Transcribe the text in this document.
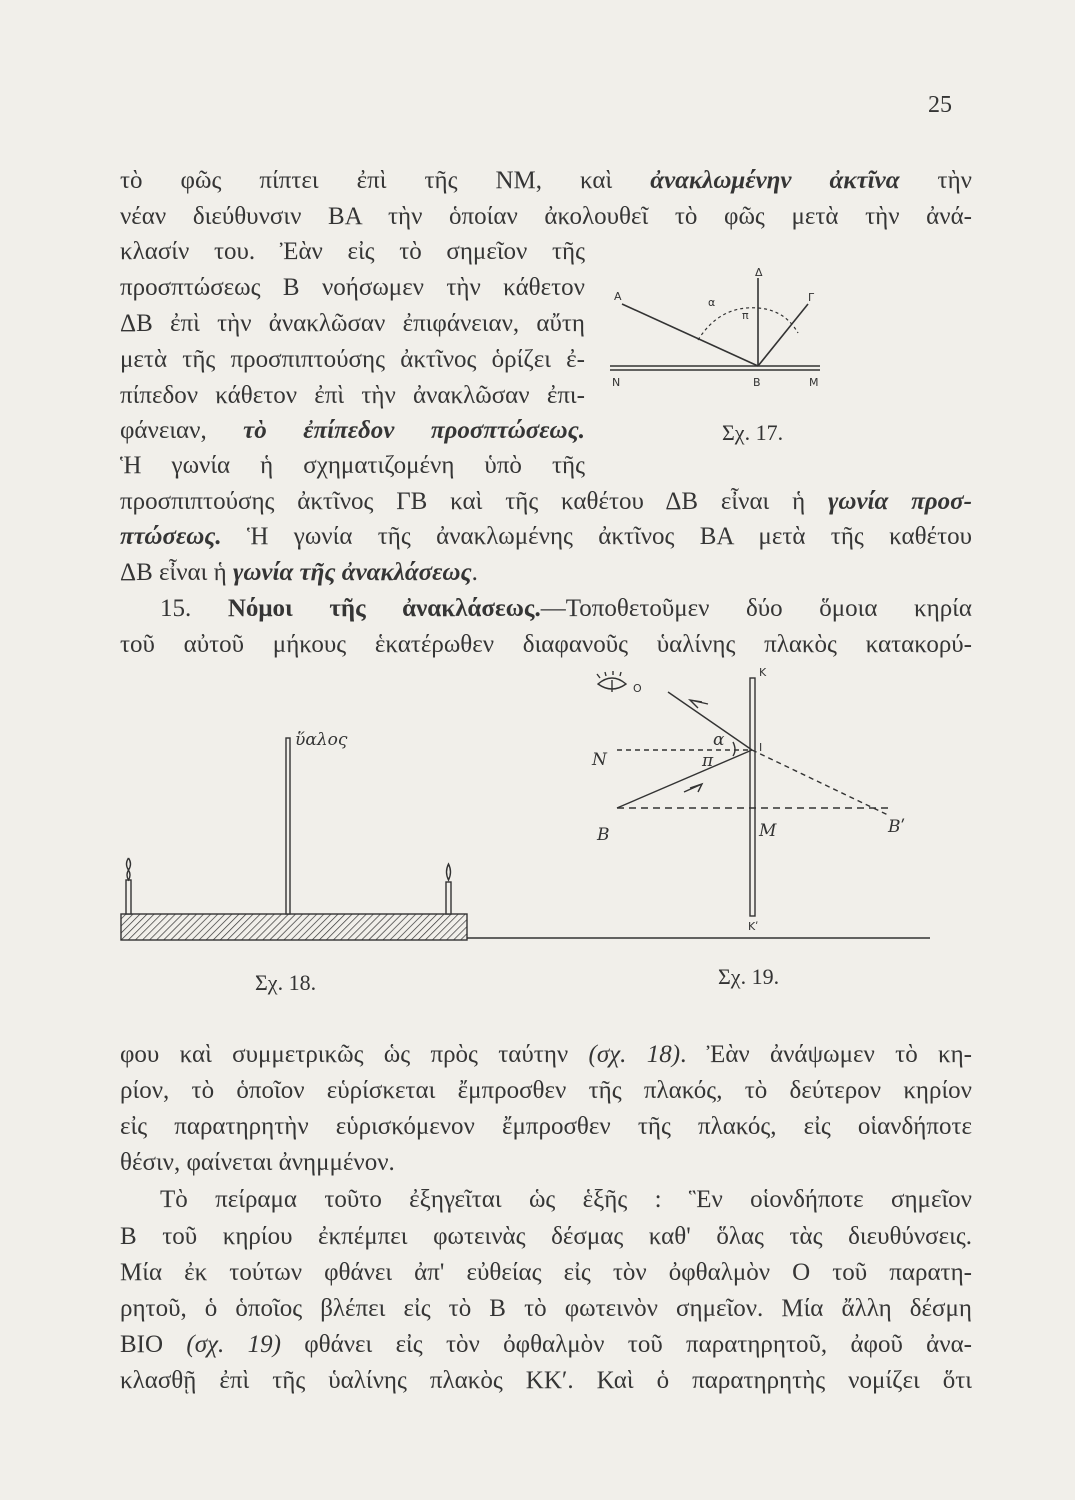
25
τὸ φῶς πίπτει ἐπὶ τῆς ΝΜ, καὶ ἀνακλωμένην ἀκτῖνα τὴν
νέαν διεύθυνσιν ΒΑ τὴν ὁποίαν ἀκολουθεῖ τὸ φῶς μετὰ τὴν ἀνά-
κλασίν του. Ἐὰν εἰς τὸ σημεῖον τῆς
προσπτώσεως Β νοήσωμεν τὴν κάθετον
ΔΒ ἐπὶ τὴν ἀνακλῶσαν ἐπιφάνειαν, αὔτη
μετὰ τῆς προσπιπτούσης ἀκτῖνος ὁρίζει ἐ-
πίπεδον κάθετον ἐπὶ τὴν ἀνακλῶσαν ἐπι-
φάνειαν, τὸ ἐπίπεδον προσπτώσεως.
Ἡ γωνία ἡ σχηματιζομένη ὑπὸ τῆς
προσπιπτούσης ἀκτῖνος ΓΒ καὶ τῆς καθέτου ΔΒ εἶναι ἡ γωνία προσ-
πτώσεως. Ἡ γωνία τῆς ἀνακλωμένης ἀκτῖνος ΒΑ μετὰ τῆς καθέτου
ΔΒ εἶναι ἡ γωνία τῆς ἀνακλάσεως.
15. Νόμοι τῆς ἀνακλάσεως.—Τοποθετοῦμεν δύο ὅμοια κηρία
τοῦ αὐτοῦ μήκους ἑκατέρωθεν διαφανοῦς ὑαλίνης πλακὸς κατακορύ-
φου καὶ συμμετρικῶς ὡς πρὸς ταύτην (σχ. 18). Ἐὰν ἀνάψωμεν τὸ κη-
ρίον, τὸ ὁποῖον εὑρίσκεται ἔμπροσθεν τῆς πλακός, τὸ δεύτερον κηρίον
εἰς παρατηρητὴν εὑρισκόμενον ἔμπροσθεν τῆς πλακός, εἰς οἱανδήποτε
θέσιν, φαίνεται ἀνημμένον.
Τὸ πείραμα τοῦτο ἐξηγεῖται ὡς ἑξῆς : Ἓν οἱονδήποτε σημεῖον
Β τοῦ κηρίου ἐκπέμπει φωτεινὰς δέσμας καθ' ὅλας τὰς διευθύνσεις.
Μία ἐκ τούτων φθάνει ἀπ' εὐθείας εἰς τὸν ὀφθαλμὸν Ο τοῦ παρατη-
ρητοῦ, ὁ ὁποῖος βλέπει εἰς τὸ Β τὸ φωτεινὸν σημεῖον. Μία ἄλλη δέσμη
ΒΙΟ (σχ. 19) φθάνει εἰς τὸν ὀφθαλμὸν τοῦ παρατηρητοῦ, ἀφοῦ ἀνα-
κλασθῇ ἐπὶ τῆς ὑαλίνης πλακὸς ΚΚʹ. Καὶ ὁ παρατηρητὴς νομίζει ὅτι
Α
Δ
Γ
Ν	Β	Μ
α
π
Σχ. 17.
ὕαλος
Σχ. 18.
Κ
Κʹ
Ο
Ν
Ι
α
π
Β	Μ	Βʹ
Σχ. 19.
